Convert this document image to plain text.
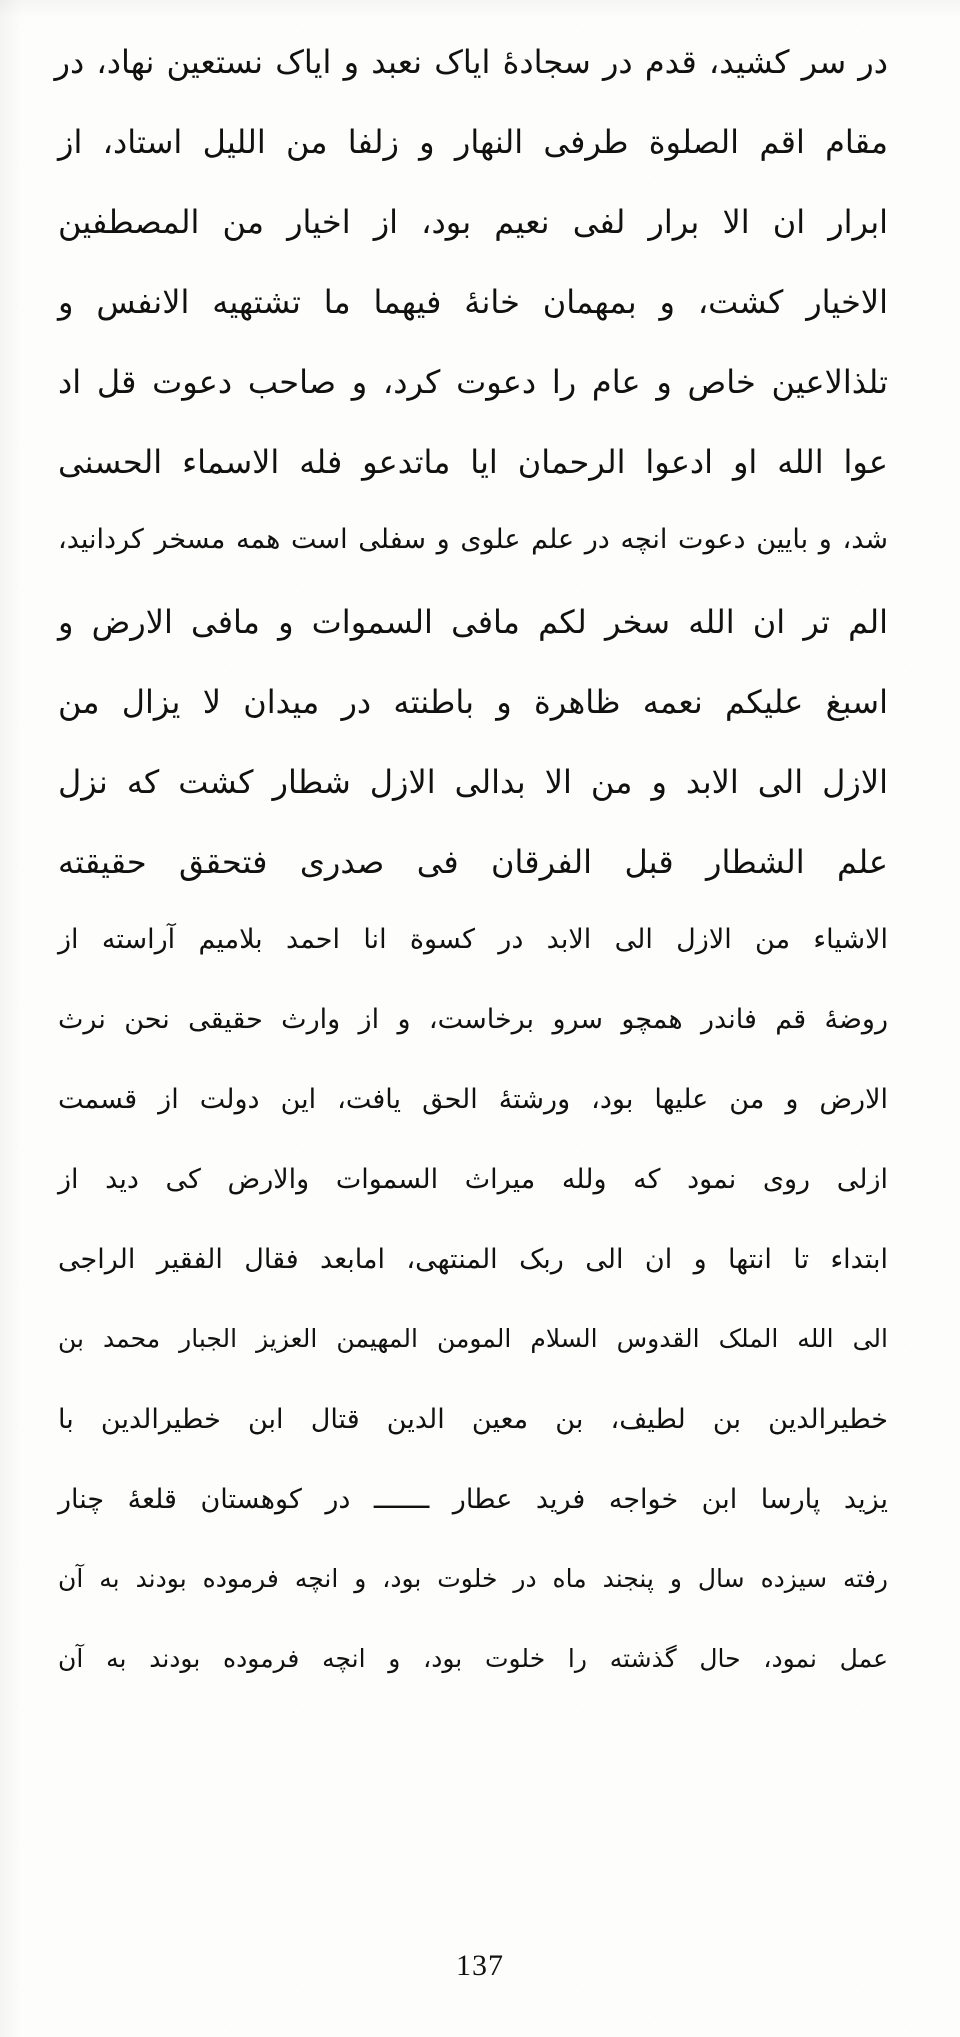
در سر کشید، قدم در سجادهٔ ایاک نعبد و ایاک نستعین نهاد، در
مقام اقم الصلوة طرفی النهار و زلفا من اللیل استاد، از
ابرار ان الا برار لفی نعیم بود، از اخیار من المصطفین
الاخیار کشت، و بمهمان خانهٔ فیهما ما تشتهیه الانفس و
تلذالاعین خاص و عام را دعوت کرد، و صاحب دعوت قل اد
عوا الله او ادعوا الرحمان ایا ماتدعو فله الاسماء الحسنی
شد، و بایین دعوت انچه در علم علوی و سفلی است همه مسخر کردانید،
الم تر ان الله سخر لکم مافی السموات و مافی الارض و
اسبغ علیکم نعمه ظاهرة و باطنته در میدان لا یزال من
الازل الی الابد و من الا بدالی الازل شطار کشت که نزل
علم الشطار قبل الفرقان فی صدری فتحقق حقیقته
الاشیاء من الازل الی الابد در کسوة انا احمد بلامیم آراسته از
روضهٔ قم فاندر همچو سرو برخاست، و از وارث حقیقی نحن نرث
الارض و من علیها بود، ورشتهٔ الحق یافت، این دولت از قسمت
ازلی روی نمود که ولله میراث السموات والارض کی دید از
ابتداء تا انتها و ان الی ربک المنتهی، امابعد فقال الفقیر الراجی
الی الله الملک القدوس السلام المومن المهیمن العزیز الجبار محمد بن
خطیرالدین بن لطیف، بن معین الدین قتال ابن خطیرالدین با
یزید پارسا ابن خواجه فرید عطار ـــــــ در کوهستان قلعهٔ چنار
رفته سیزده سال و پنجند ماه در خلوت بود، و انچه فرموده بودند به آن
عمل نمود، حال گذشته را خلوت بود، و انچه فرموده بودند به آن
137
